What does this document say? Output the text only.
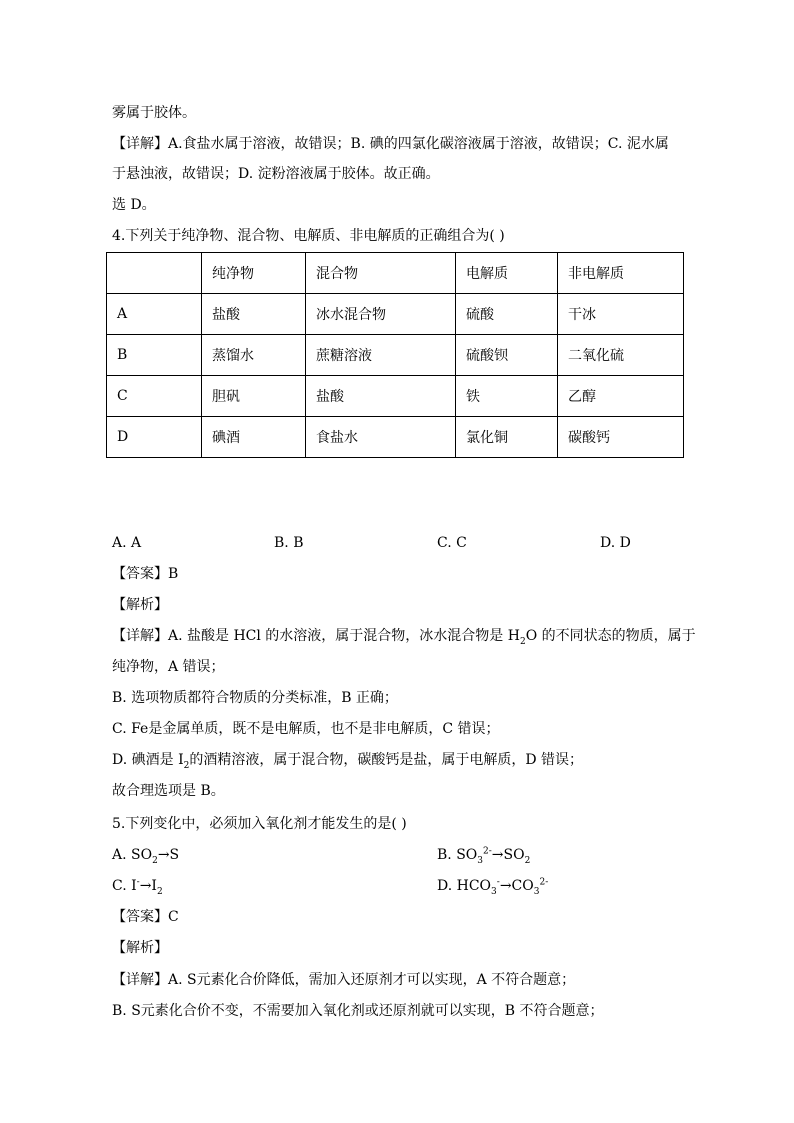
雾属于胶体。
【详解】A.食盐水属于溶液，故错误；B. 碘的四氯化碳溶液属于溶液，故错误；C. 泥水属
于悬浊液，故错误；D. 淀粉溶液属于胶体。故正确。
选 D。
4.下列关于纯净物、混合物、电解质、非电解质的正确组合为( )
	纯净物	混合物	电解质	非电解质
A	盐酸	冰水混合物	硫酸	干冰
B	蒸馏水	蔗糖溶液	硫酸钡	二氧化硫
C	胆矾	盐酸	铁	乙醇
D	碘酒	食盐水	氯化铜	碳酸钙
A. A	B. B	C. C	D. D
【答案】B
【解析】
【详解】A. 盐酸是 HCl 的水溶液，属于混合物，冰水混合物是 $H_2O$ 的不同状态的物质，属于
纯净物，A 错误；
B. 选项物质都符合物质的分类标准，B 正确；
C. Fe是金属单质，既不是电解质，也不是非电解质，C 错误；
D. 碘酒是 $I_2$的酒精溶液，属于混合物，碳酸钙是盐，属于电解质，D 错误；
故合理选项是 B。
5.下列变化中，必须加入氧化剂才能发生的是( )
A. $SO_2\to S$	B. $SO_3^{2-}\to SO_2$
C. $I^-\to I_2$	D. $HCO_3^-\to CO_3^{2-}$
【答案】C
【解析】
【详解】A. S元素化合价降低，需加入还原剂才可以实现，A 不符合题意；
B. S元素化合价不变，不需要加入氧化剂或还原剂就可以实现，B 不符合题意；
